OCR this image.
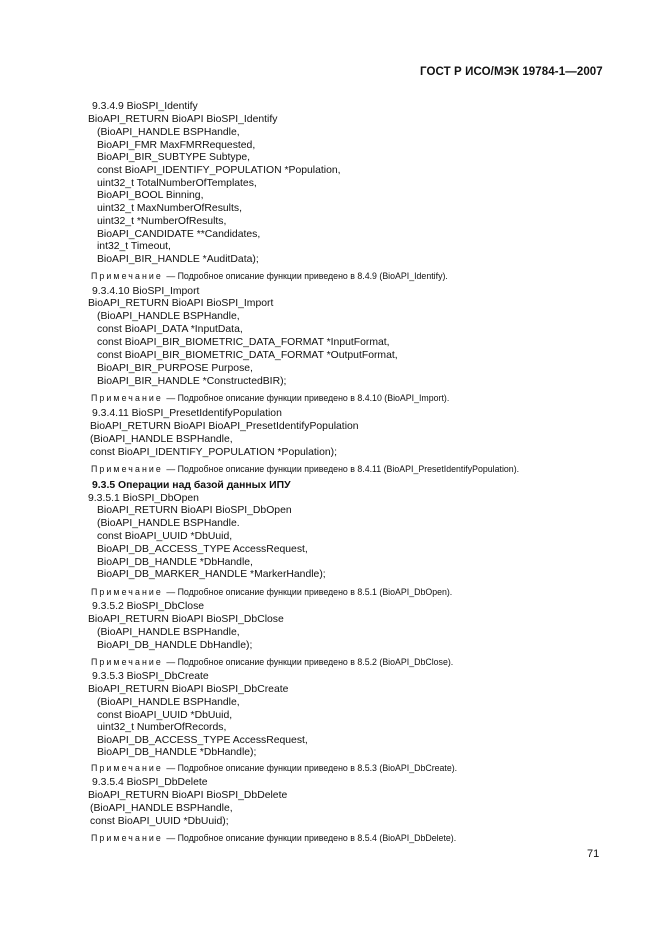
ГОСТ Р ИСО/МЭК 19784-1—2007
9.3.4.9 BioSPI_Identify
BioAPI_RETURN BioAPI BioSPI_Identify
(BioAPI_HANDLE BSPHandle,
BioAPI_FMR MaxFMRRequested,
BioAPI_BIR_SUBTYPE Subtype,
const BioAPI_IDENTIFY_POPULATION *Population,
uint32_t TotalNumberOfTemplates,
BioAPI_BOOL Binning,
uint32_t MaxNumberOfResults,
uint32_t *NumberOfResults,
BioAPI_CANDIDATE **Candidates,
int32_t Timeout,
BioAPI_BIR_HANDLE *AuditData);
Примечание — Подробное описание функции приведено в 8.4.9 (BioAPI_Identify).
9.3.4.10 BioSPI_Import
BioAPI_RETURN BioAPI BioSPI_Import
(BioAPI_HANDLE BSPHandle,
const BioAPI_DATA *InputData,
const BioAPI_BIR_BIOMETRIC_DATA_FORMAT *InputFormat,
const BioAPI_BIR_BIOMETRIC_DATA_FORMAT *OutputFormat,
BioAPI_BIR_PURPOSE Purpose,
BioAPI_BIR_HANDLE *ConstructedBIR);
Примечание — Подробное описание функции приведено в 8.4.10 (BioAPI_Import).
9.3.4.11 BioSPI_PresetIdentifyPopulation
BioAPI_RETURN BioAPI BioAPI_PresetIdentifyPopulation
(BioAPI_HANDLE BSPHandle,
const BioAPI_IDENTIFY_POPULATION *Population);
Примечание — Подробное описание функции приведено в 8.4.11 (BioAPI_PresetIdentifyPopulation).
9.3.5 Операции над базой данных ИПУ
9.3.5.1 BioSPI_DbOpen
BioAPI_RETURN BioAPI BioSPI_DbOpen
(BioAPI_HANDLE BSPHandle.
const BioAPI_UUID *DbUuid,
BioAPI_DB_ACCESS_TYPE AccessRequest,
BioAPI_DB_HANDLE *DbHandle,
BioAPI_DB_MARKER_HANDLE *MarkerHandle);
Примечание — Подробное описание функции приведено в 8.5.1 (BioAPI_DbOpen).
9.3.5.2 BioSPI_DbClose
BioAPI_RETURN BioAPI BioSPI_DbClose
(BioAPI_HANDLE BSPHandle,
BioAPI_DB_HANDLE DbHandle);
Примечание — Подробное описание функции приведено в 8.5.2 (BioAPI_DbClose).
9.3.5.3 BioSPI_DbCreate
BioAPI_RETURN BioAPI BioSPI_DbCreate
(BioAPI_HANDLE BSPHandle,
const BioAPI_UUID *DbUuid,
uint32_t NumberOfRecords,
BioAPI_DB_ACCESS_TYPE AccessRequest,
BioAPI_DB_HANDLE *DbHandle);
Примечание — Подробное описание функции приведено в 8.5.3 (BioAPI_DbCreate).
9.3.5.4 BioSPI_DbDelete
BioAPI_RETURN BioAPI BioSPI_DbDelete
(BioAPI_HANDLE BSPHandle,
const BioAPI_UUID *DbUuid);
Примечание — Подробное описание функции приведено в 8.5.4 (BioAPI_DbDelete).
71
